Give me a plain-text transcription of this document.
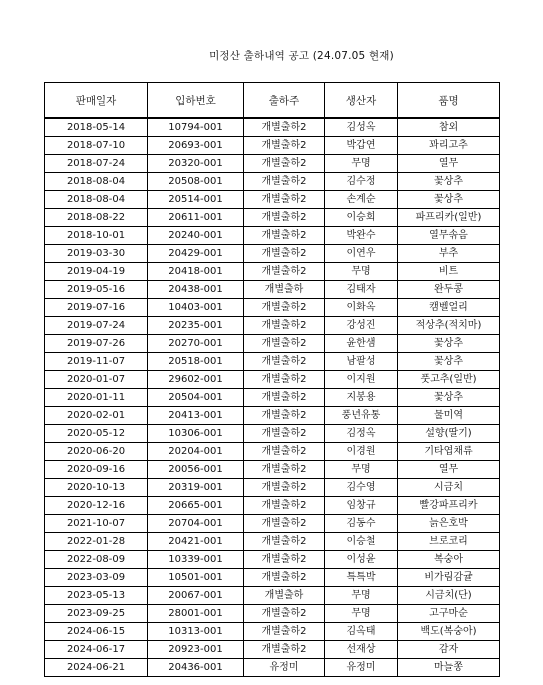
미정산 출하내역 공고 (24.07.05 현재)
판매일자	입하번호	출하주	생산자	품명
2018-05-14	10794-001	개별출하2	김성옥	참외
2018-07-10	20693-001	개별출하2	박갑연	꽈리고추
2018-07-24	20320-001	개별출하2	무명	열무
2018-08-04	20508-001	개별출하2	김수정	꽃상추
2018-08-04	20514-001	개별출하2	손계순	꽃상추
2018-08-22	20611-001	개별출하2	이승희	파프리카(일반)
2018-10-01	20240-001	개별출하2	박완수	열무솎음
2019-03-30	20429-001	개별출하2	이연우	부추
2019-04-19	20418-001	개별출하2	무명	비트
2019-05-16	20438-001	개별출하	김태자	완두콩
2019-07-16	10403-001	개별출하2	이화옥	캠벨얼리
2019-07-24	20235-001	개별출하2	강성진	적상추(적치마)
2019-07-26	20270-001	개별출하2	윤한샘	꽃상추
2019-11-07	20518-001	개별출하2	남팔성	꽃상추
2020-01-07	29602-001	개별출하2	이지원	풋고추(일반)
2020-01-11	20504-001	개별출하2	지봉용	꽃상추
2020-02-01	20413-001	개별출하2	풍년유통	물미역
2020-05-12	10306-001	개별출하2	김정옥	설향(딸기)
2020-06-20	20204-001	개별출하2	이경원	기타엽채류
2020-09-16	20056-001	개별출하2	무명	열무
2020-10-13	20319-001	개별출하2	김수영	시금치
2020-12-16	20665-001	개별출하2	임창규	빨강파프리카
2021-10-07	20704-001	개별출하2	김동수	늙은호박
2022-01-28	20421-001	개별출하2	이승철	브로코리
2022-08-09	10339-001	개별출하2	이성윤	복숭아
2023-03-09	10501-001	개별출하2	특특박	비가림감귤
2023-05-13	20067-001	개별출하	무명	시금치(단)
2023-09-25	28001-001	개별출하2	무명	고구마순
2024-06-15	10313-001	개별출하2	김옥태	백도(복숭아)
2024-06-17	20923-001	개별출하2	선재상	감자
2024-06-21	20436-001	유정미	유정미	마늘쫑
